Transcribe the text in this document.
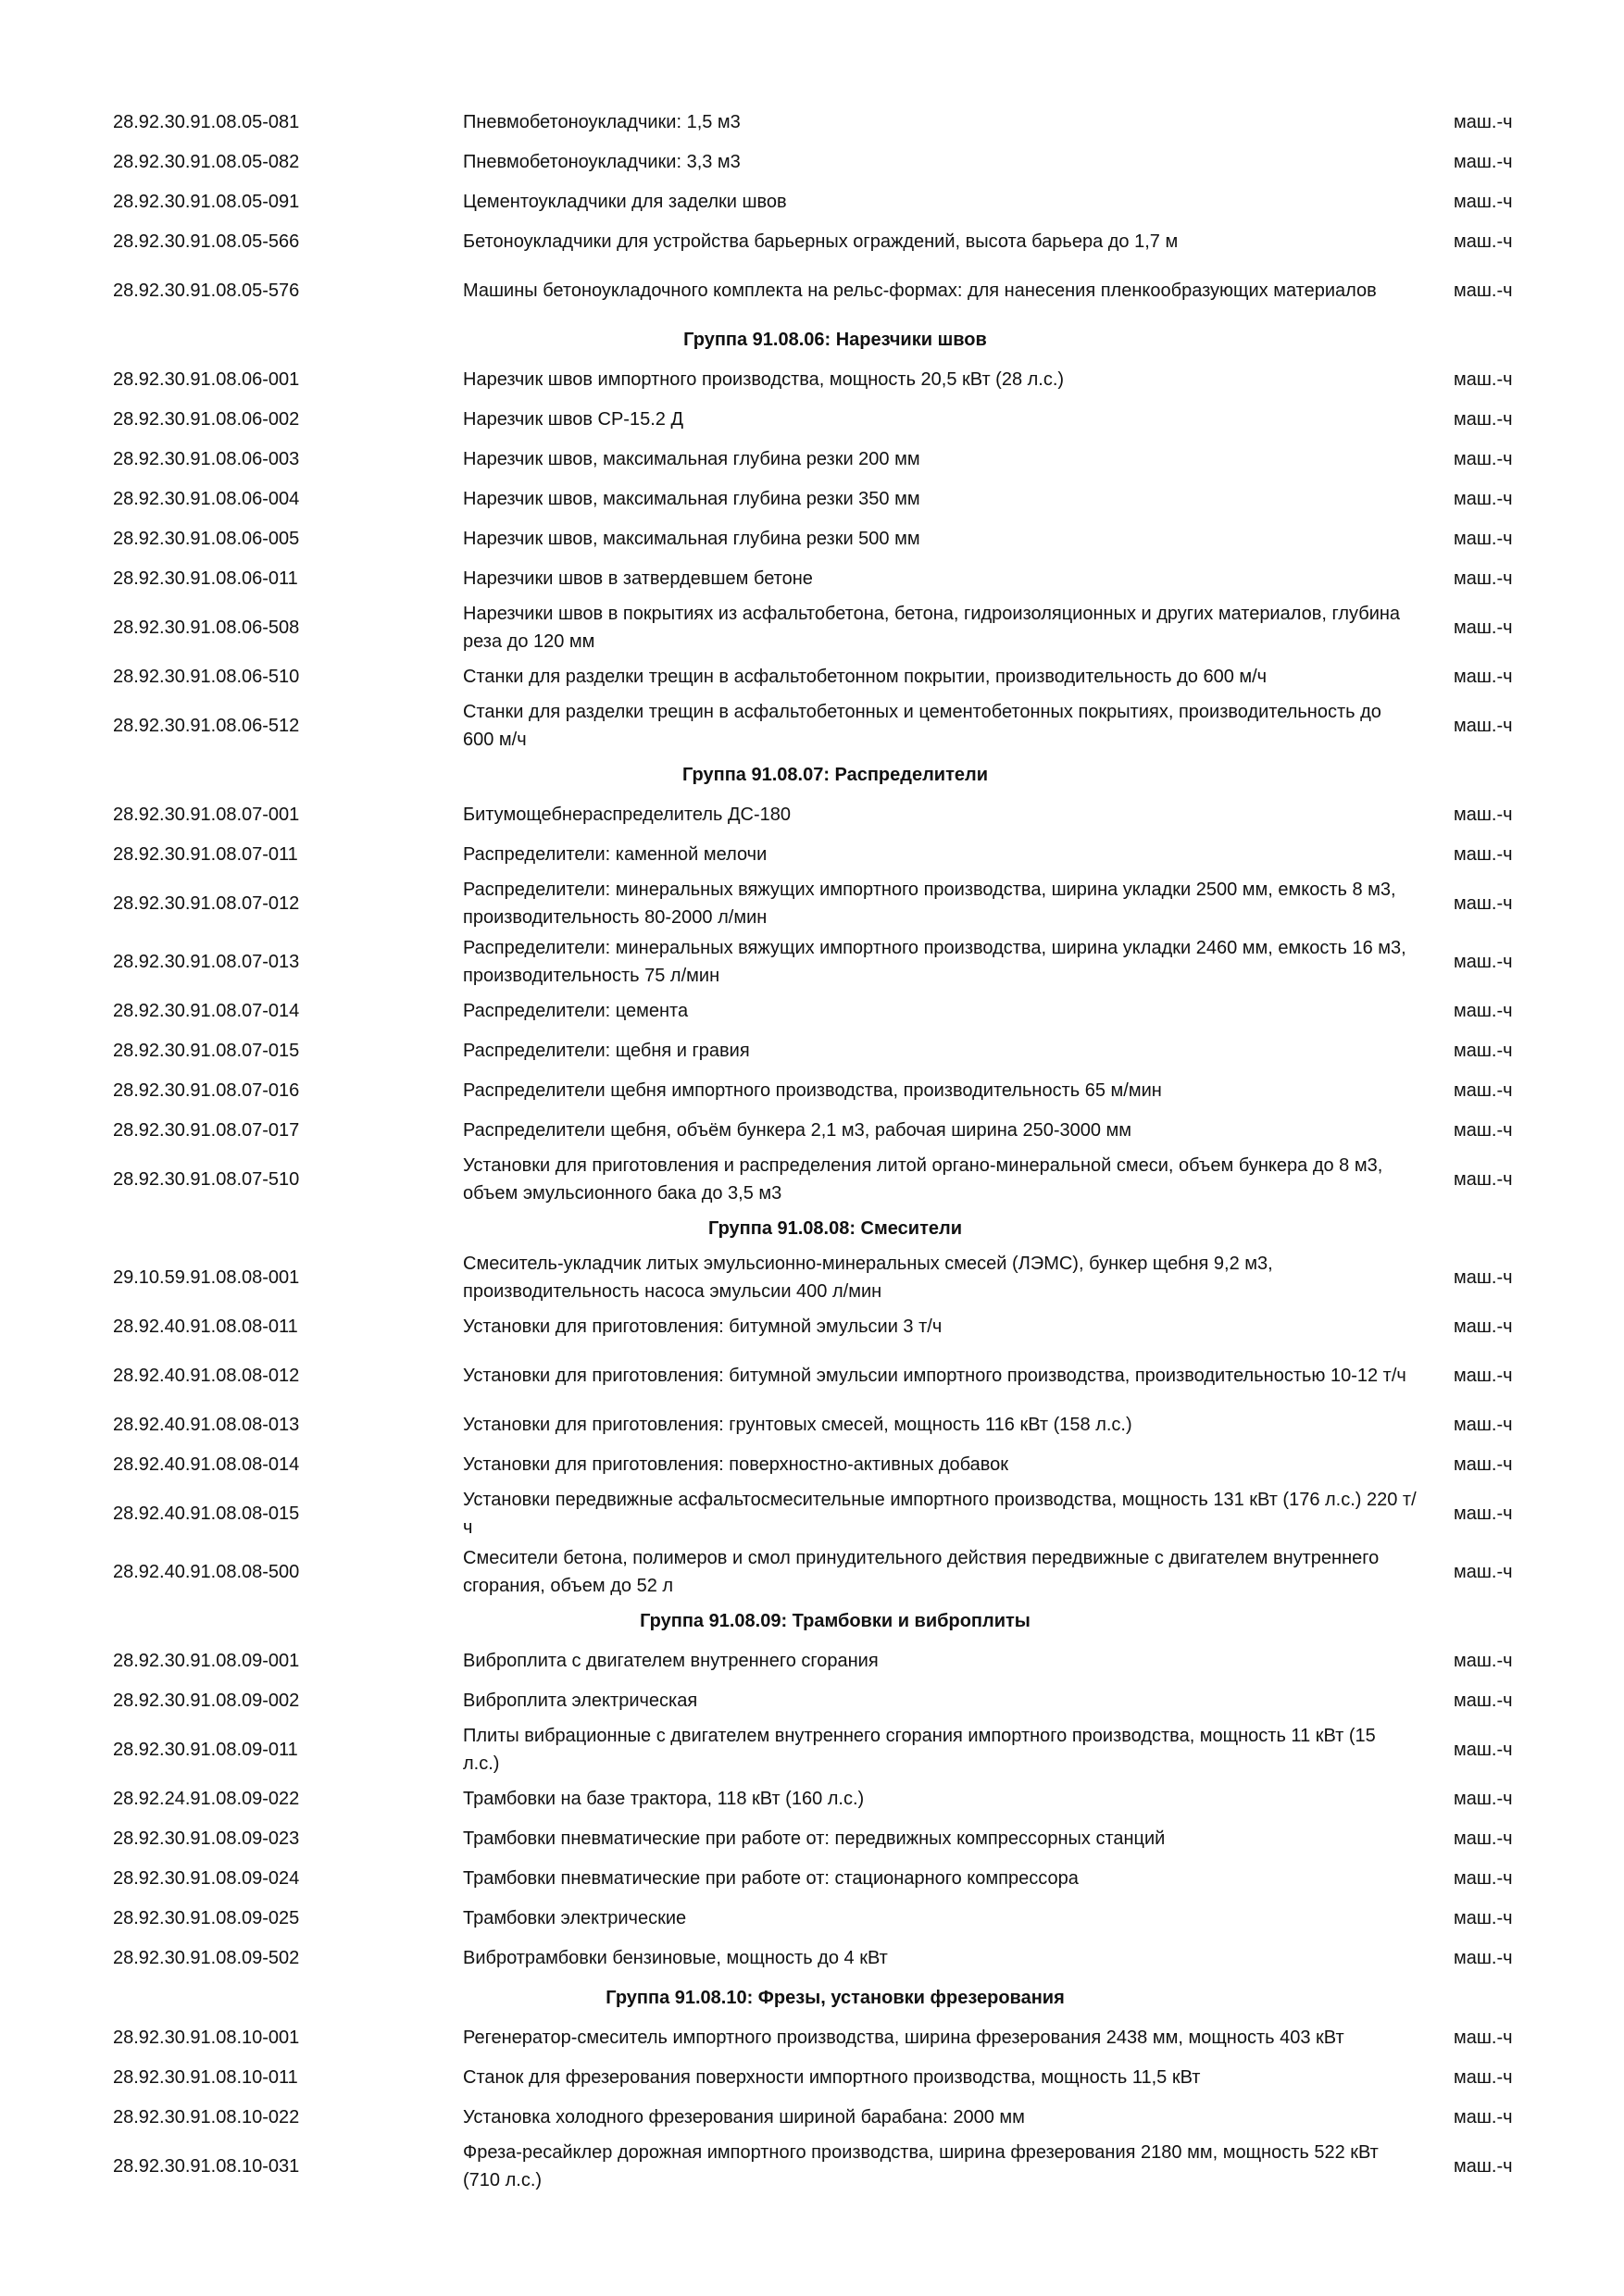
28.92.30.91.08.05-081	Пневмобетоноукладчики: 1,5 м3	маш.-ч
28.92.30.91.08.05-082	Пневмобетоноукладчики: 3,3 м3	маш.-ч
28.92.30.91.08.05-091	Цементоукладчики для заделки швов	маш.-ч
28.92.30.91.08.05-566	Бетоноукладчики для устройства барьерных ограждений, высота барьера до 1,7 м	маш.-ч
28.92.30.91.08.05-576	Машины бетоноукладочного комплекта на рельс-формах: для нанесения пленкообразующих материалов	маш.-ч
Группа 91.08.06: Нарезчики швов		
28.92.30.91.08.06-001	Нарезчик швов импортного производства, мощность 20,5 кВт (28 л.с.)	маш.-ч
28.92.30.91.08.06-002	Нарезчик швов СР-15.2 Д	маш.-ч
28.92.30.91.08.06-003	Нарезчик швов, максимальная глубина резки 200 мм	маш.-ч
28.92.30.91.08.06-004	Нарезчик швов, максимальная глубина резки 350 мм	маш.-ч
28.92.30.91.08.06-005	Нарезчик швов, максимальная глубина резки 500 мм	маш.-ч
28.92.30.91.08.06-011	Нарезчики швов в затвердевшем бетоне	маш.-ч
28.92.30.91.08.06-508	Нарезчики швов в покрытиях из асфальтобетона, бетона, гидроизоляционных и других материалов, глубина реза до 120 мм	маш.-ч
28.92.30.91.08.06-510	Станки для разделки трещин в асфальтобетонном покрытии, производительность до 600 м/ч	маш.-ч
28.92.30.91.08.06-512	Станки для разделки трещин в асфальтобетонных и цементобетонных покрытиях, производительность до 600 м/ч	маш.-ч
Группа 91.08.07: Распределители		
28.92.30.91.08.07-001	Битумощебнераспределитель ДС-180	маш.-ч
28.92.30.91.08.07-011	Распределители: каменной мелочи	маш.-ч
28.92.30.91.08.07-012	Распределители: минеральных вяжущих импортного производства, ширина укладки 2500 мм, емкость 8 м3, производительность 80-2000 л/мин	маш.-ч
28.92.30.91.08.07-013	Распределители: минеральных вяжущих импортного производства, ширина укладки 2460 мм, емкость 16 м3, производительность 75 л/мин	маш.-ч
28.92.30.91.08.07-014	Распределители: цемента	маш.-ч
28.92.30.91.08.07-015	Распределители: щебня и гравия	маш.-ч
28.92.30.91.08.07-016	Распределители щебня импортного производства, производительность 65 м/мин	маш.-ч
28.92.30.91.08.07-017	Распределители щебня, объём бункера 2,1 м3, рабочая ширина 250-3000 мм	маш.-ч
28.92.30.91.08.07-510	Установки для приготовления и распределения литой органо-минеральной смеси, объем бункера до 8 м3, объем эмульсионного бака до 3,5 м3	маш.-ч
Группа 91.08.08: Смесители		
29.10.59.91.08.08-001	Смеситель-укладчик литых эмульсионно-минеральных смесей (ЛЭМС), бункер щебня 9,2 м3, производительность насоса эмульсии 400 л/мин	маш.-ч
28.92.40.91.08.08-011	Установки для приготовления: битумной эмульсии 3 т/ч	маш.-ч
28.92.40.91.08.08-012	Установки для приготовления: битумной эмульсии импортного производства, производительностью 10-12 т/ч	маш.-ч
28.92.40.91.08.08-013	Установки для приготовления: грунтовых смесей, мощность 116 кВт (158 л.с.)	маш.-ч
28.92.40.91.08.08-014	Установки для приготовления: поверхностно-активных добавок	маш.-ч
28.92.40.91.08.08-015	Установки передвижные асфальтосмесительные импортного производства, мощность 131 кВт (176 л.с.) 220 т/ч	маш.-ч
28.92.40.91.08.08-500	Смесители бетона, полимеров и смол принудительного действия передвижные с двигателем внутреннего сгорания, объем до 52 л	маш.-ч
Группа 91.08.09: Трамбовки и виброплиты		
28.92.30.91.08.09-001	Виброплита с двигателем внутреннего сгорания	маш.-ч
28.92.30.91.08.09-002	Виброплита электрическая	маш.-ч
28.92.30.91.08.09-011	Плиты вибрационные с двигателем внутреннего сгорания импортного производства, мощность 11 кВт (15 л.с.)	маш.-ч
28.92.24.91.08.09-022	Трамбовки на базе трактора, 118 кВт (160 л.с.)	маш.-ч
28.92.30.91.08.09-023	Трамбовки пневматические при работе от: передвижных компрессорных станций	маш.-ч
28.92.30.91.08.09-024	Трамбовки пневматические при работе от: стационарного компрессора	маш.-ч
28.92.30.91.08.09-025	Трамбовки электрические	маш.-ч
28.92.30.91.08.09-502	Вибротрамбовки бензиновые, мощность до 4 кВт	маш.-ч
Группа 91.08.10: Фрезы, установки фрезерования		
28.92.30.91.08.10-001	Регенератор-смеситель импортного производства, ширина фрезерования 2438 мм, мощность 403 кВт	маш.-ч
28.92.30.91.08.10-011	Станок для фрезерования поверхности импортного производства, мощность 11,5 кВт	маш.-ч
28.92.30.91.08.10-022	Установка холодного фрезерования шириной барабана: 2000 мм	маш.-ч
28.92.30.91.08.10-031	Фреза-ресайклер дорожная импортного производства, ширина фрезерования 2180 мм, мощность 522 кВт (710 л.с.)	маш.-ч
